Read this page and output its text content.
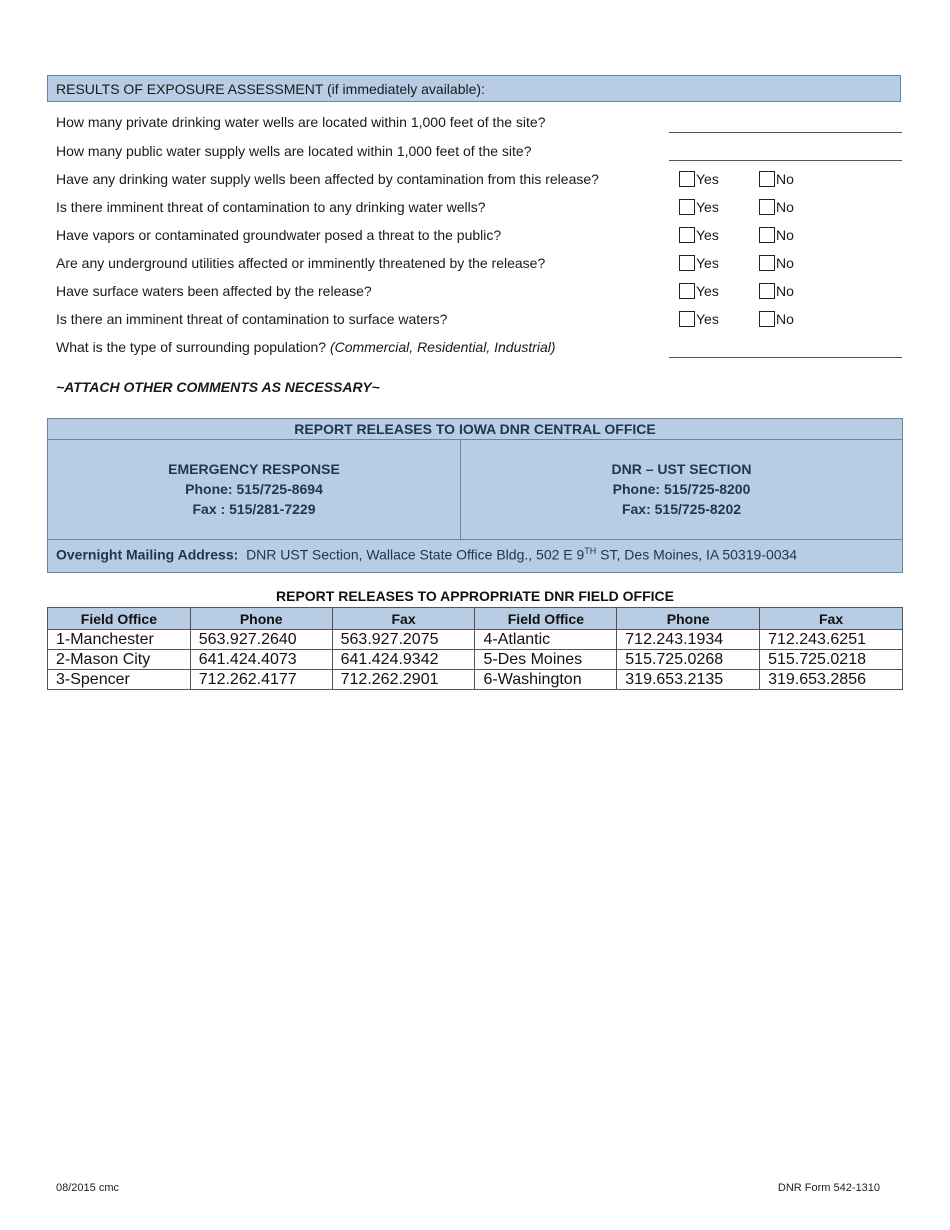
RESULTS OF EXPOSURE ASSESSMENT (if immediately available):
How many private drinking water wells are located within 1,000 feet of the site?
How many public water supply wells are located within 1,000 feet of the site?
Have any drinking water supply wells been affected by contamination from this release?	Yes	No
Is there imminent threat of contamination to any drinking water wells?	Yes	No
Have vapors or contaminated groundwater posed a threat to the public?	Yes	No
Are any underground utilities affected or imminently threatened by the release?	Yes	No
Have surface waters been affected by the release?	Yes	No
Is there an imminent threat of contamination to surface waters?	Yes	No
What is the type of surrounding population? (Commercial, Residential, Industrial)
~ATTACH OTHER COMMENTS AS NECESSARY~
REPORT RELEASES TO IOWA DNR CENTRAL OFFICE
EMERGENCY RESPONSE
Phone: 515/725-8694
Fax : 515/281-7229
DNR – UST SECTION
Phone: 515/725-8200
Fax: 515/725-8202
Overnight Mailing Address: DNR UST Section, Wallace State Office Bldg., 502 E 9TH ST, Des Moines, IA 50319-0034
REPORT RELEASES TO APPROPRIATE DNR FIELD OFFICE
Field Office	Phone	Fax	Field Office	Phone	Fax
1-Manchester	563.927.2640	563.927.2075	4-Atlantic	712.243.1934	712.243.6251
2-Mason City	641.424.4073	641.424.9342	5-Des Moines	515.725.0268	515.725.0218
3-Spencer	712.262.4177	712.262.2901	6-Washington	319.653.2135	319.653.2856
08/2015 cmc	DNR Form 542-1310
